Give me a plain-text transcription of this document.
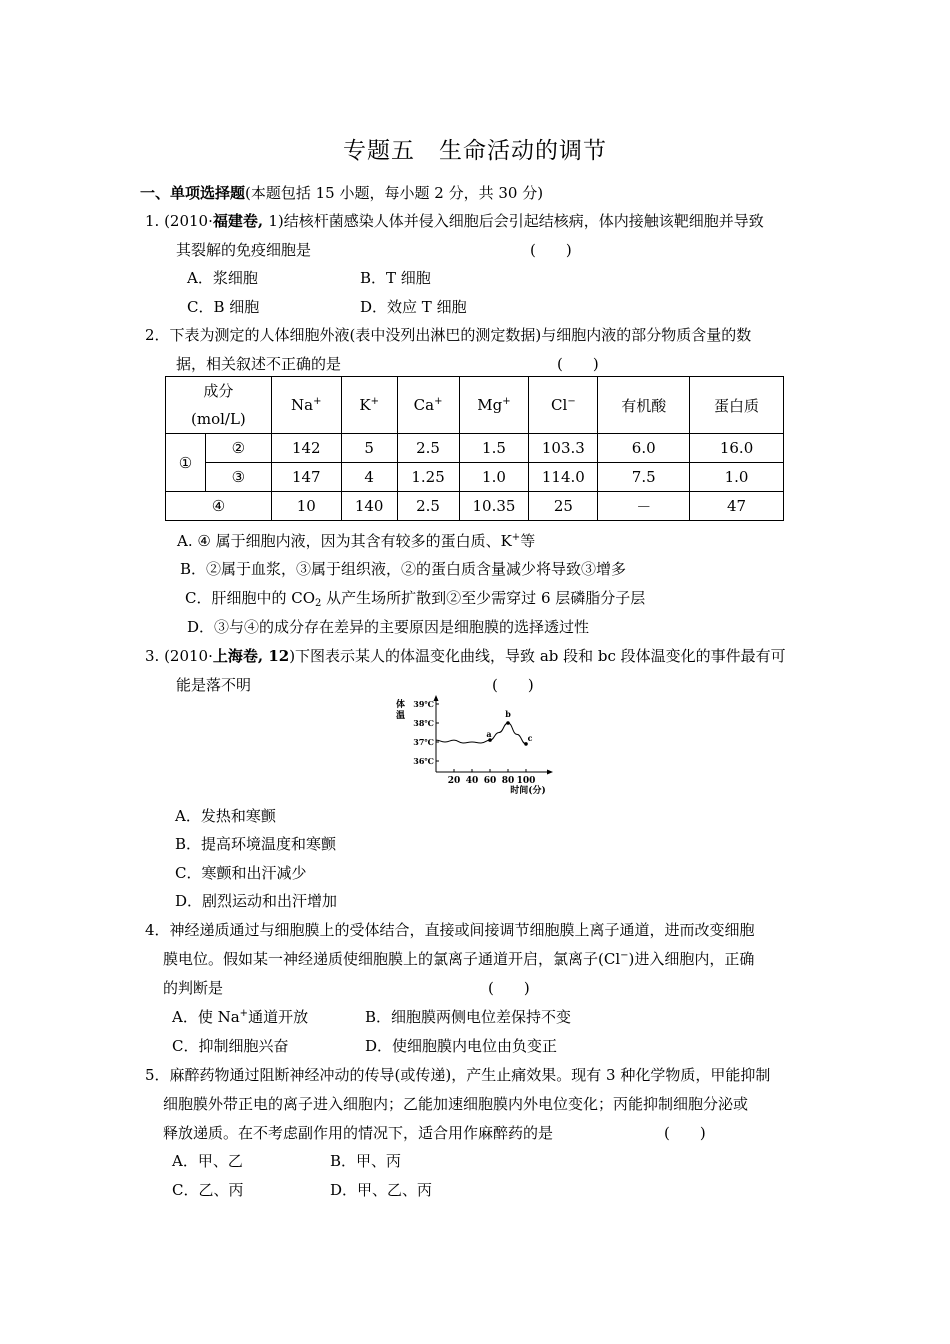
专题五　生命活动的调节
一、单项选择题(本题包括 15 小题，每小题 2 分，共 30 分)
1. (2010·福建卷, 1)结核杆菌感染人体并侵入细胞后会引起结核病，体内接触该靶细胞并导致
其裂解的免疫细胞是	(　　)
A．浆细胞	B．T 细胞
C．B 细胞	D．效应 T 细胞
2．下表为测定的人体细胞外液(表中没列出淋巴的测定数据)与细胞内液的部分物质含量的数
据，相关叙述不正确的是	(　　)
成分
(mol/L)		Na+	K+	Ca+	Mg+	Cl−	有机酸	蛋白质
①	②	142	5	2.5	1.5	103.3	6.0	16.0
	③	147	4	1.25	1.0	114.0	7.5	1.0
④		10	140	2.5	10.35	25	－	47
A. ④ 属于细胞内液，因为其含有较多的蛋白质、K+等
B．②属于血浆，③属于组织液，②的蛋白质含量减少将导致③增多
C．肝细胞中的 $CO_2$ 从产生场所扩散到②至少需穿过 6 层磷脂分子层
D．③与④的成分存在差异的主要原因是细胞膜的选择透过性
3. (2010·上海卷, 12)下图表示某人的体温变化曲线，导致 ab 段和 bc 段体温变化的事件最有可
能是落不明	(　　)
体
温
时间(分)
36℃
37℃
38℃
39℃
20 40 60 80 100
a
b
c
A．发热和寒颤
B．提高环境温度和寒颤
C．寒颤和出汗减少
D．剧烈运动和出汗增加
4．神经递质通过与细胞膜上的受体结合，直接或间接调节细胞膜上离子通道，进而改变细胞
膜电位。假如某一神经递质使细胞膜上的氯离子通道开启，氯离子(Cl−)进入细胞内，正确
的判断是	(　　)
A．使 Na+通道开放	B．细胞膜两侧电位差保持不变
C．抑制细胞兴奋	D．使细胞膜内电位由负变正
5．麻醉药物通过阻断神经冲动的传导(或传递)，产生止痛效果。现有 3 种化学物质，甲能抑制
细胞膜外带正电的离子进入细胞内；乙能加速细胞膜内外电位变化；丙能抑制细胞分泌或
释放递质。在不考虑副作用的情况下，适合用作麻醉药的是	(　　)
A．甲、乙	B．甲、丙
C．乙、丙	D．甲、乙、丙
